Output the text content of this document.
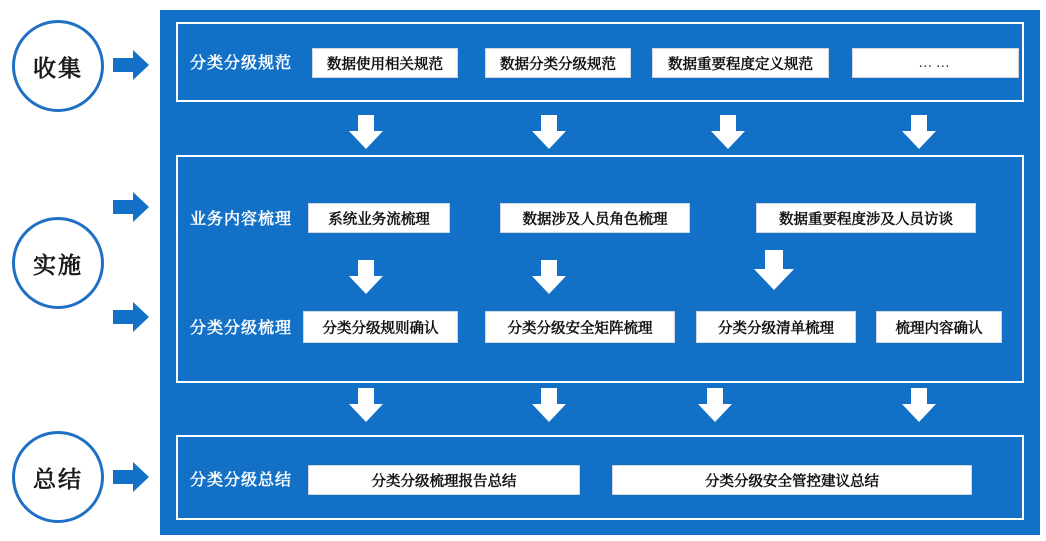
收集
实施
总结
分类分级规范	数据使用相关规范	数据分类分级规范	数据重要程度定义规范	……
业务内容梳理	系统业务流梳理	数据涉及人员角色梳理	数据重要程度涉及人员访谈
分类分级梳理	分类分级规则确认	分类分级安全矩阵梳理	分类分级清单梳理	梳理内容确认
分类分级总结	分类分级梳理报告总结	分类分级安全管控建议总结
